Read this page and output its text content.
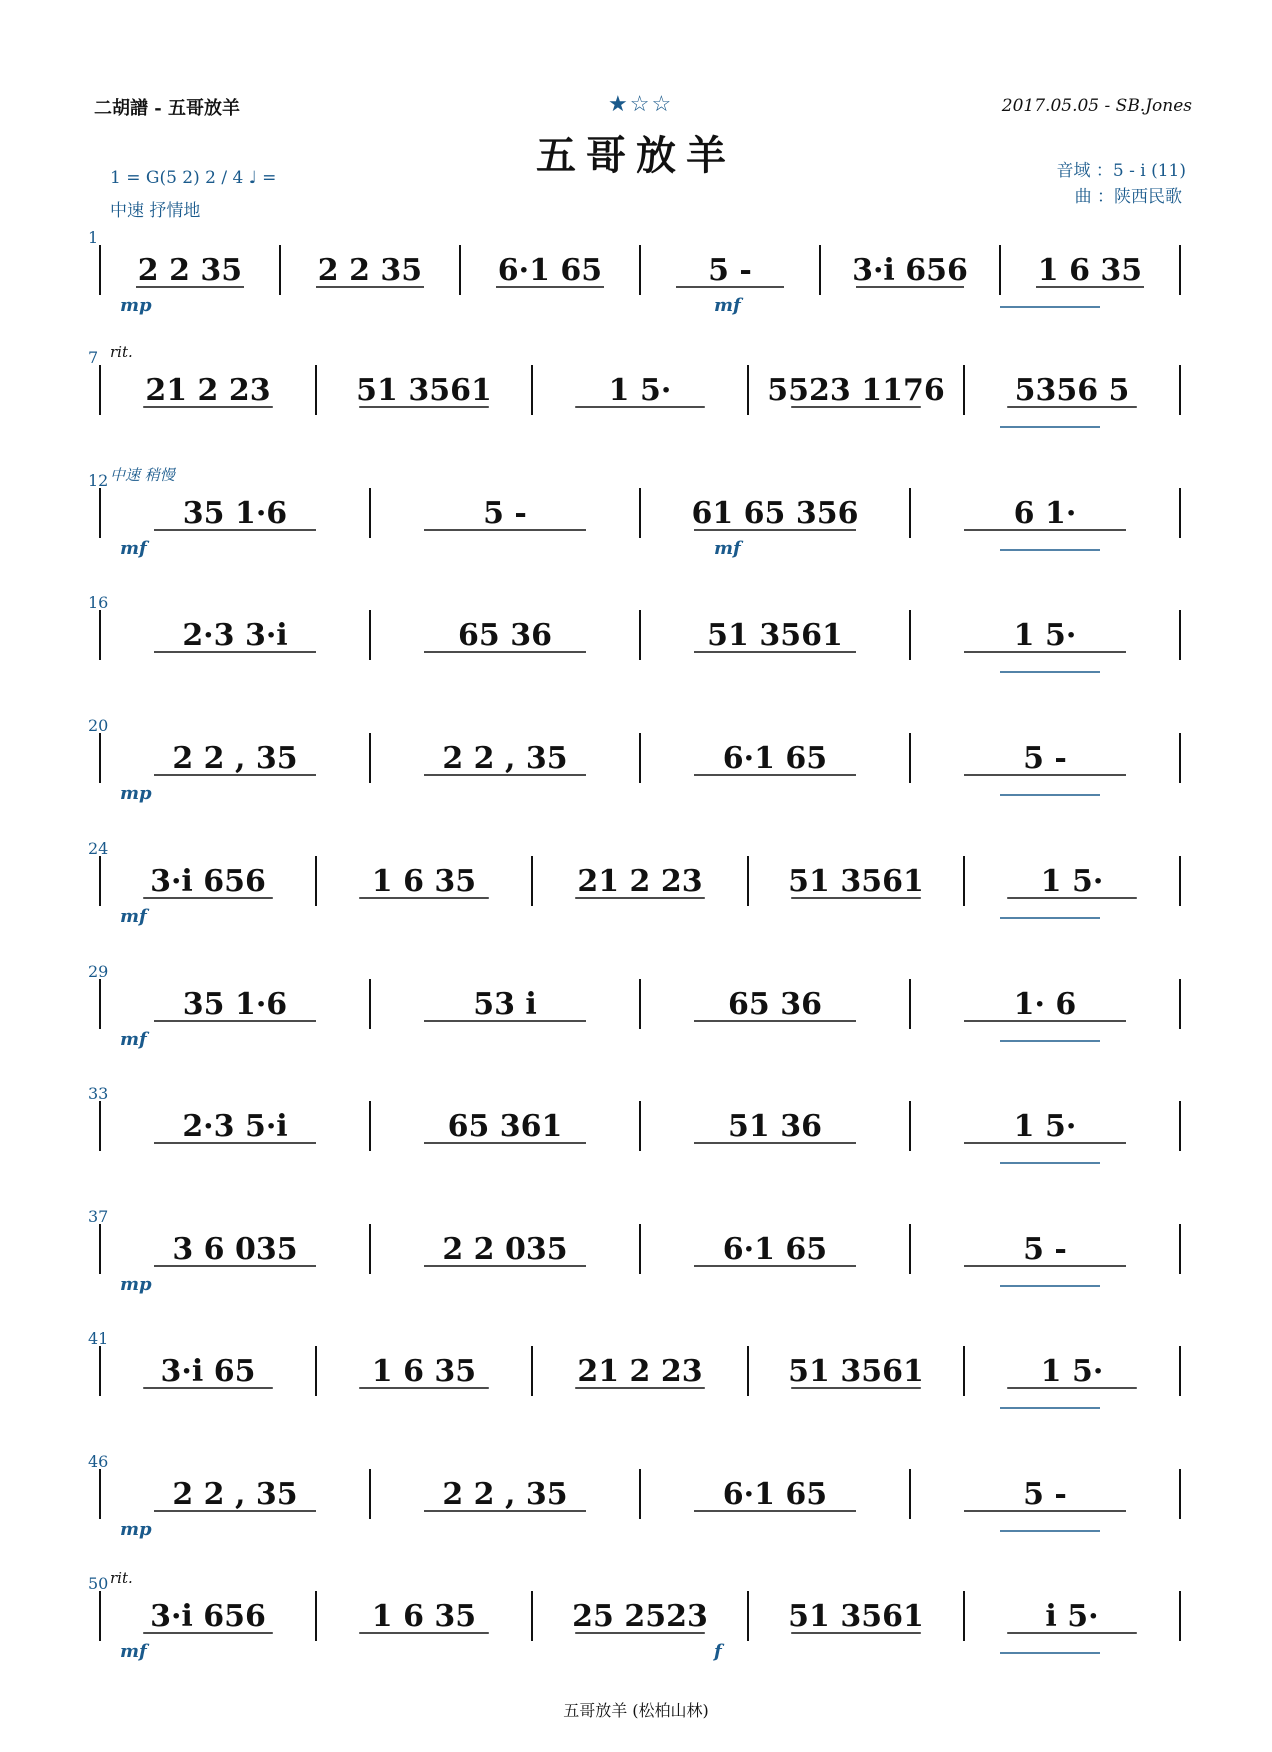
二胡譜 - 五哥放羊	★☆☆	2017.05.05 - SB.Jones
五哥放羊
1 = G(5 2) 2 / 4 ♩ =
中速 抒情地
音域 ：5 - i (11)
曲 ：陕西民歌
1
2 2 35	2 2 35	6·1 65	5 -	3·i 656 1 6 35
mp	mf
7 rit.
21 2 23	51 3561	1 5·	5523 1176 5356 5
12 中速 稍慢
35 1·6	5 -	61 65 356	6 1·
mf	mf
16
2·3 3·i	65 36	51 3561	1 5·
20
2 2 , 35	2 2 , 35	6·1 65	5 -
mp
24
3·i 656	1 6 35	21 2 23	51 3561	1 5·
mf
29
35 1·6	53 i	65 36	1· 6
mf
33
2·3 5·i	65 361	51 36	1 5·
37
3 6 035	2 2 035	6·1 65	5 -
mp
41
3·i 65	1 6 35	21 2 23	51 3561	1 5·
46
2 2 , 35	2 2 , 35	6·1 65	5 -
mp
50 rit.
3·i 656	1 6 35	25 2523	51 3561	i 5·
mf	f
五哥放羊 (松柏山林)
